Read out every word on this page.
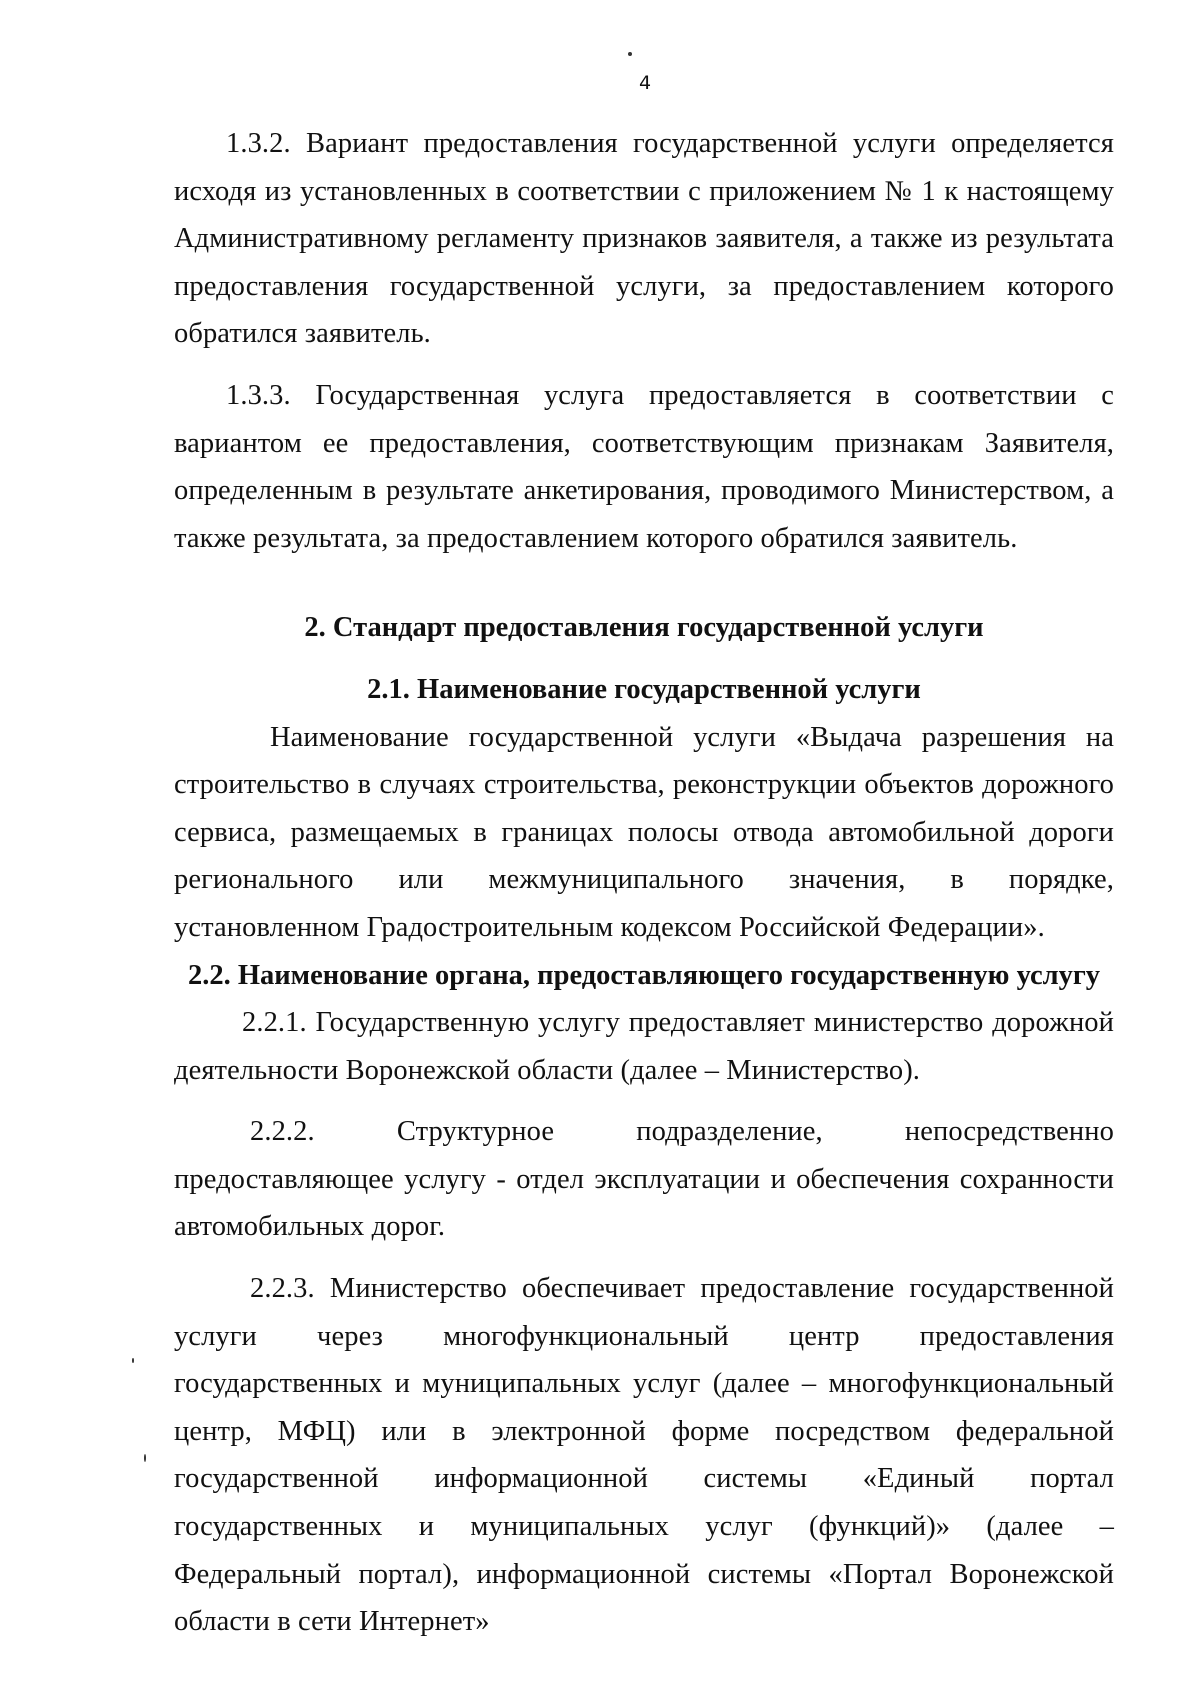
4

1.3.2. Вариант предоставления государственной услуги определяется исходя из установленных в соответствии с приложением № 1 к настоящему Административному регламенту признаков заявителя, а также из результата предоставления государственной услуги, за предоставлением которого обратился заявитель.

1.3.3. Государственная услуга предоставляется в соответствии с вариантом ее предоставления, соответствующим признакам Заявителя, определенным в результате анкетирования, проводимого Министерством, а также результата, за предоставлением которого обратился заявитель.

2. Стандарт предоставления государственной услуги
2.1. Наименование государственной услуги

Наименование государственной услуги «Выдача разрешения на строительство в случаях строительства, реконструкции объектов дорожного сервиса, размещаемых в границах полосы отвода автомобильной дороги регионального или межмуниципального значения, в порядке, установленном Градостроительным кодексом Российской Федерации».

2.2. Наименование органа, предоставляющего государственную услугу

2.2.1. Государственную услугу предоставляет министерство дорожной деятельности Воронежской области (далее – Министерство).

2.2.2. Структурное подразделение, непосредственно предоставляющее услугу - отдел эксплуатации и обеспечения сохранности автомобильных дорог.

2.2.3. Министерство обеспечивает предоставление государственной услуги через многофункциональный центр предоставления государственных и муниципальных услуг (далее – многофункциональный центр, МФЦ) или в электронной форме посредством федеральной государственной информационной системы «Единый портал государственных и муниципальных услуг (функций)» (далее – Федеральный портал), информационной системы «Портал Воронежской области в сети Интернет»
